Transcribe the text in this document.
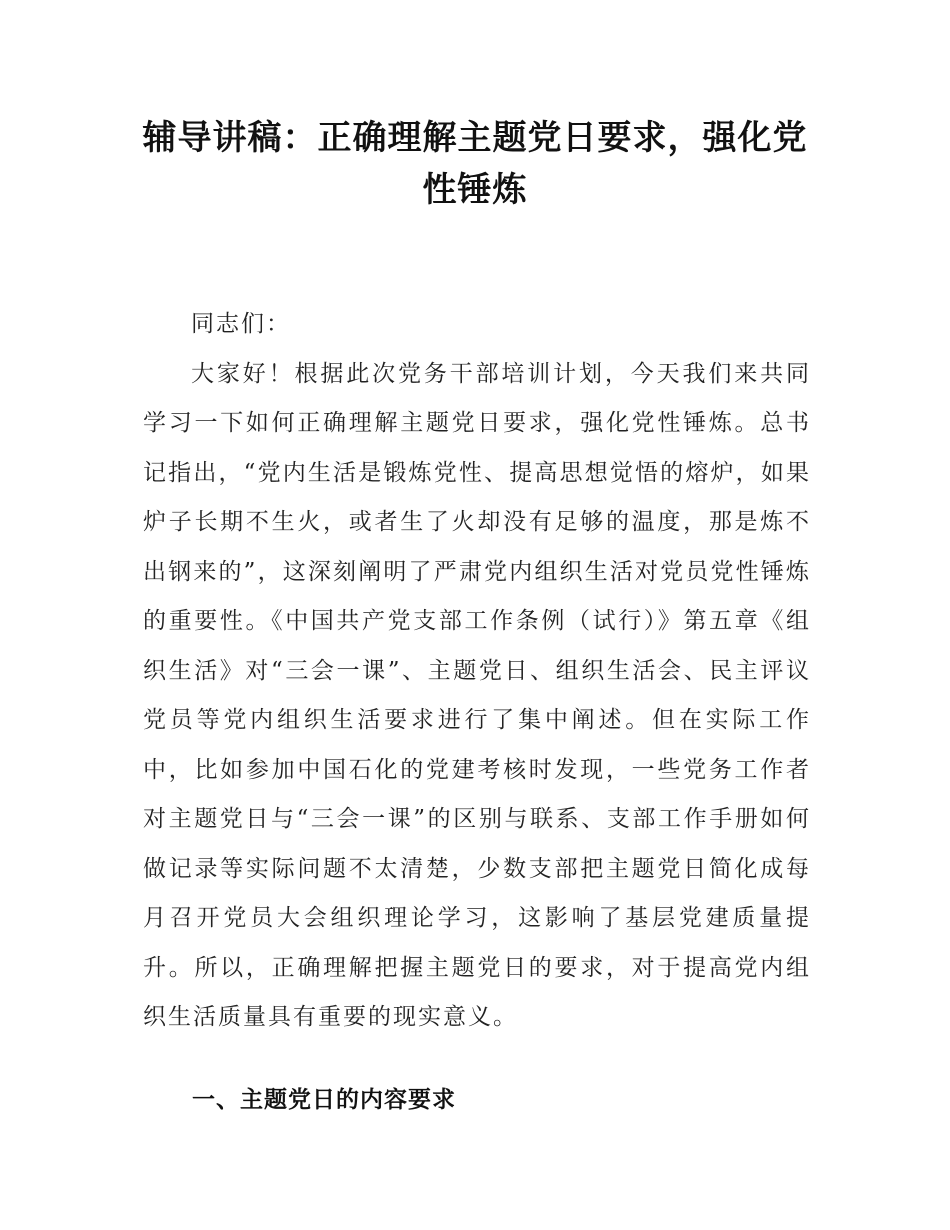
辅导讲稿：正确理解主题党日要求，强化党
性锤炼

同志们：

大家好！根据此次党务干部培训计划，今天我们来共同学习一下如何正确理解主题党日要求，强化党性锤炼。总书记指出，“党内生活是锻炼党性、提高思想觉悟的熔炉，如果炉子长期不生火，或者生了火却没有足够的温度，那是炼不出钢来的”，这深刻阐明了严肃党内组织生活对党员党性锤炼的重要性。《中国共产党支部工作条例（试行）》第五章《组织生活》对“三会一课”、主题党日、组织生活会、民主评议党员等党内组织生活要求进行了集中阐述。但在实际工作中，比如参加中国石化的党建考核时发现，一些党务工作者对主题党日与“三会一课”的区别与联系、支部工作手册如何做记录等实际问题不太清楚，少数支部把主题党日简化成每月召开党员大会组织理论学习，这影响了基层党建质量提升。所以，正确理解把握主题党日的要求，对于提高党内组织生活质量具有重要的现实意义。

一、主题党日的内容要求
